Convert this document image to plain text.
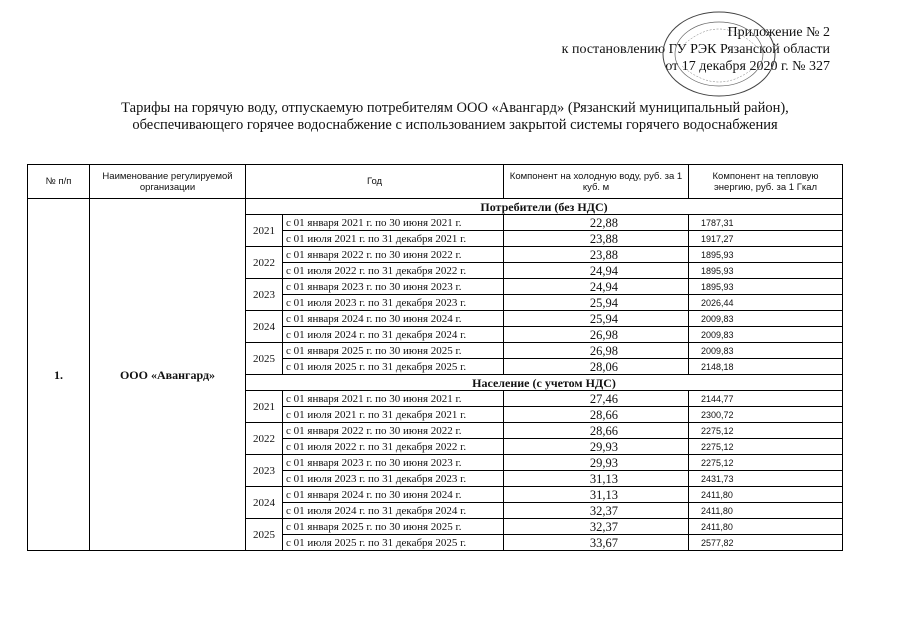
Приложение № 2
к постановлению ГУ РЭК Рязанской области
от 17 декабря 2020 г. № 327
Тарифы на горячую воду, отпускаемую потребителям ООО «Авангард» (Рязанский муниципальный район),
обеспечивающего горячее водоснабжение с использованием закрытой системы горячего водоснабжения
№ п/п	Наименование регулируемой организации	Год		Компонент на холодную воду, руб. за 1 куб. м	Компонент на тепловую энергию, руб. за 1 Гкал
1.	ООО «Авангард»	Потребители (без НДС)			
		2021	с 01 января 2021 г. по 30 июня 2021 г.	22,88	1787,31
			с 01 июля 2021 г. по 31 декабря 2021 г.	23,88	1917,27
		2022	с 01 января 2022 г. по 30 июня 2022 г.	23,88	1895,93
			с 01 июля 2022 г. по 31 декабря 2022 г.	24,94	1895,93
		2023	с 01 января 2023 г. по 30 июня 2023 г.	24,94	1895,93
			с 01 июля 2023 г. по 31 декабря 2023 г.	25,94	2026,44
		2024	с 01 января 2024 г. по 30 июня 2024 г.	25,94	2009,83
			с 01 июля 2024 г. по 31 декабря 2024 г.	26,98	2009,83
		2025	с 01 января 2025 г. по 30 июня 2025 г.	26,98	2009,83
			с 01 июля 2025 г. по 31 декабря 2025 г.	28,06	2148,18
		Население (с учетом НДС)			
		2021	с 01 января 2021 г. по 30 июня 2021 г.	27,46	2144,77
			с 01 июля 2021 г. по 31 декабря 2021 г.	28,66	2300,72
		2022	с 01 января 2022 г. по 30 июня 2022 г.	28,66	2275,12
			с 01 июля 2022 г. по 31 декабря 2022 г.	29,93	2275,12
		2023	с 01 января 2023 г. по 30 июня 2023 г.	29,93	2275,12
			с 01 июля 2023 г. по 31 декабря 2023 г.	31,13	2431,73
		2024	с 01 января 2024 г. по 30 июня 2024 г.	31,13	2411,80
			с 01 июля 2024 г. по 31 декабря 2024 г.	32,37	2411,80
		2025	с 01 января 2025 г. по 30 июня 2025 г.	32,37	2411,80
			с 01 июля 2025 г. по 31 декабря 2025 г.	33,67	2577,82
